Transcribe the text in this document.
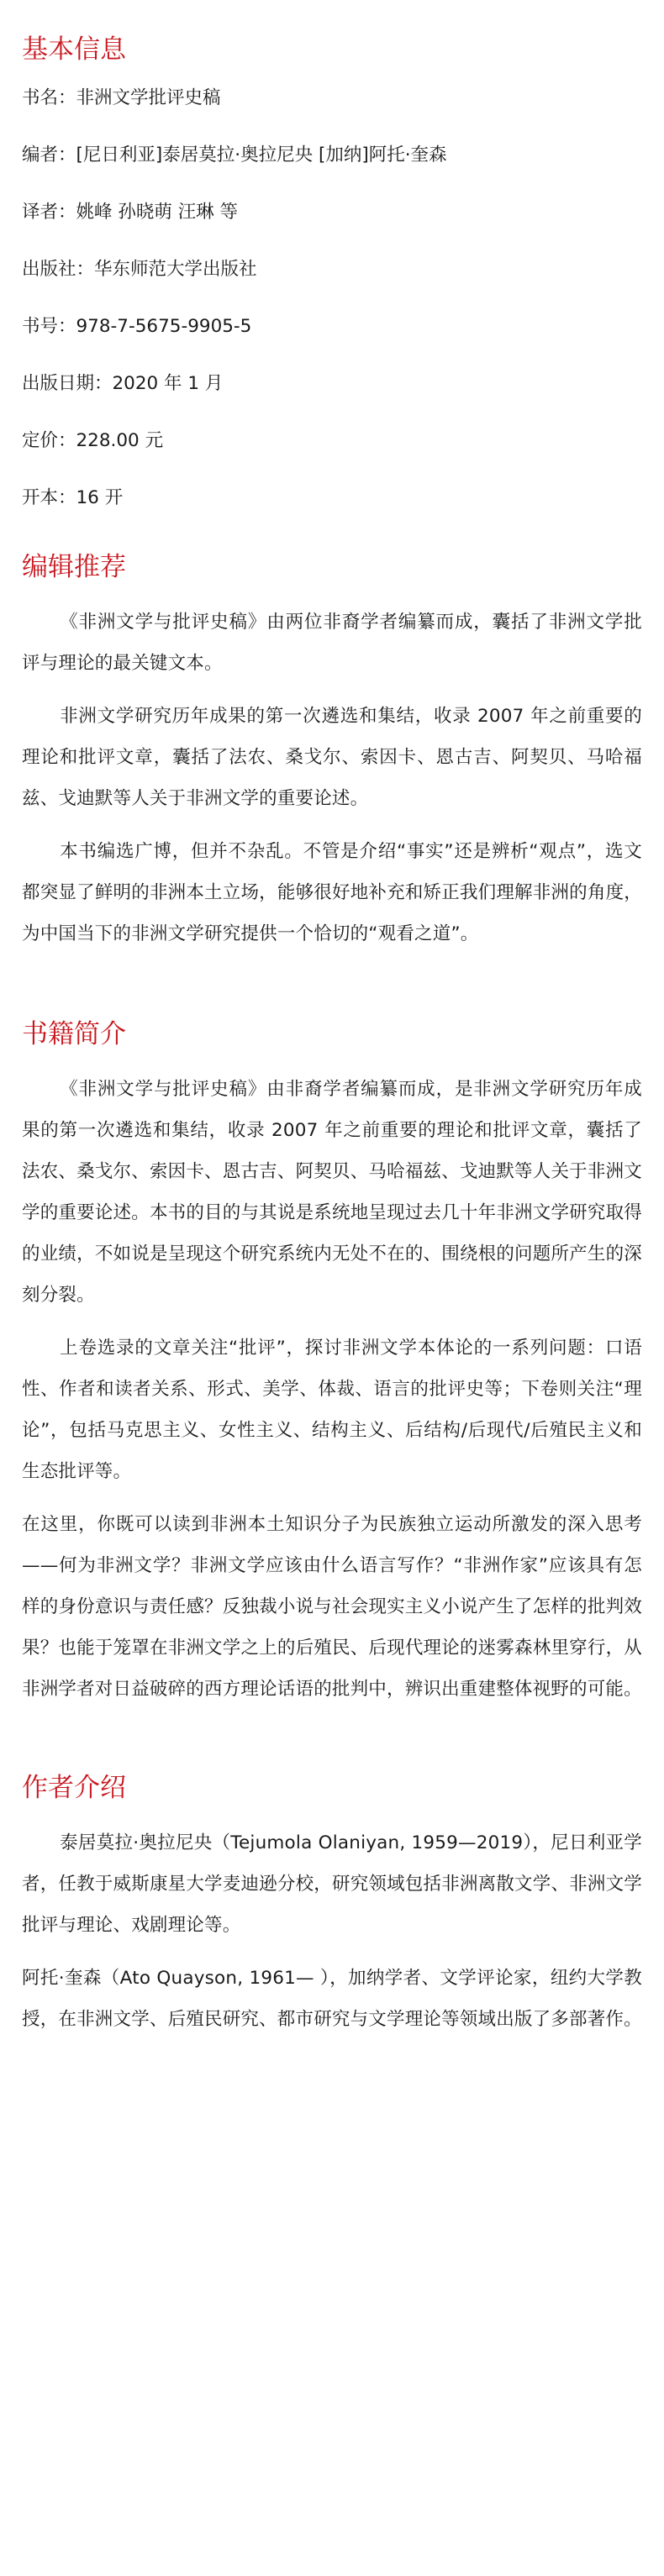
基本信息
书名：非洲文学批评史稿
编者：[尼日利亚]泰居莫拉·奥拉尼央 [加纳]阿托·奎森
译者：姚峰 孙晓萌 汪琳 等
出版社：华东师范大学出版社
书号：978-7-5675-9905-5
出版日期：2020 年 1 月
定价：228.00 元
开本：16 开
编辑推荐

《非洲文学与批评史稿》由两位非裔学者编纂而成，囊括了非洲文学批评与理论的最关键文本。

非洲文学研究历年成果的第一次遴选和集结，收录 2007 年之前重要的理论和批评文章，囊括了法农、桑戈尔、索因卡、恩古吉、阿契贝、马哈福兹、戈迪默等人关于非洲文学的重要论述。

本书编选广博，但并不杂乱。不管是介绍“事实”还是辨析“观点”，选文都突显了鲜明的非洲本土立场，能够很好地补充和矫正我们理解非洲的角度，为中国当下的非洲文学研究提供一个恰切的“观看之道”。

书籍简介

《非洲文学与批评史稿》由非裔学者编纂而成，是非洲文学研究历年成果的第一次遴选和集结，收录 2007 年之前重要的理论和批评文章，囊括了法农、桑戈尔、索因卡、恩古吉、阿契贝、马哈福兹、戈迪默等人关于非洲文学的重要论述。本书的目的与其说是系统地呈现过去几十年非洲文学研究取得的业绩，不如说是呈现这个研究系统内无处不在的、围绕根的问题所产生的深刻分裂。

上卷选录的文章关注“批评”，探讨非洲文学本体论的一系列问题：口语性、作者和读者关系、形式、美学、体裁、语言的批评史等；下卷则关注“理论”，包括马克思主义、女性主义、结构主义、后结构/后现代/后殖民主义和生态批评等。

在这里，你既可以读到非洲本土知识分子为民族独立运动所激发的深入思考——何为非洲文学？非洲文学应该由什么语言写作？“非洲作家”应该具有怎样的身份意识与责任感？反独裁小说与社会现实主义小说产生了怎样的批判效果？也能于笼罩在非洲文学之上的后殖民、后现代理论的迷雾森林里穿行，从非洲学者对日益破碎的西方理论话语的批判中，辨识出重建整体视野的可能。

作者介绍

泰居莫拉·奥拉尼央（Tejumola Olaniyan, 1959—2019），尼日利亚学者，任教于威斯康星大学麦迪逊分校，研究领域包括非洲离散文学、非洲文学批评与理论、戏剧理论等。

阿托·奎森（Ato Quayson, 1961— ），加纳学者、文学评论家，纽约大学教授，在非洲文学、后殖民研究、都市研究与文学理论等领域出版了多部著作。
